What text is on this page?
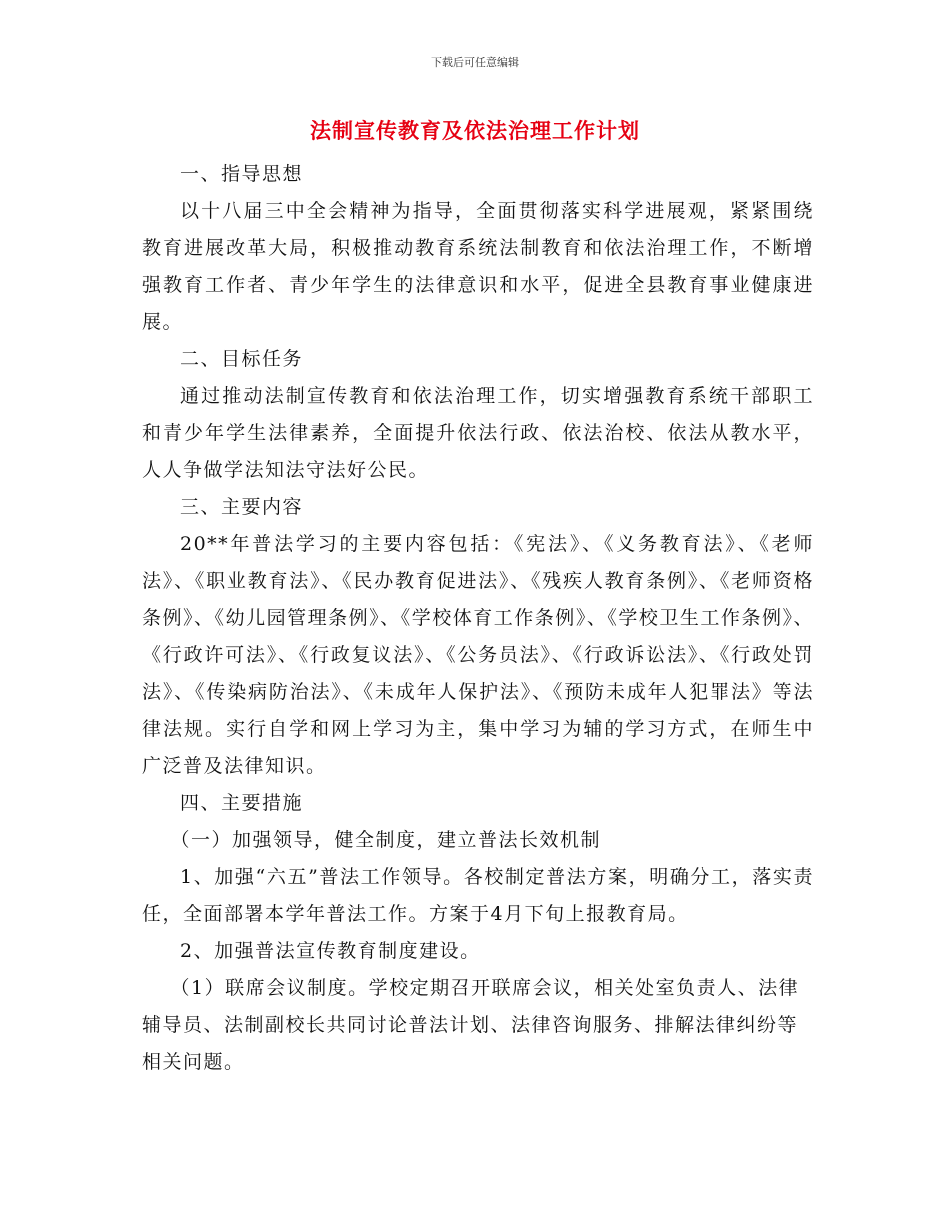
下载后可任意编辑
法制宣传教育及依法治理工作计划

一、指导思想

以十八届三中全会精神为指导，全面贯彻落实科学进展观，紧紧围绕教育进展改革大局，积极推动教育系统法制教育和依法治理工作，不断增强教育工作者、青少年学生的法律意识和水平，促进全县教育事业健康进展。

二、目标任务

通过推动法制宣传教育和依法治理工作，切实增强教育系统干部职工和青少年学生法律素养，全面提升依法行政、依法治校、依法从教水平，人人争做学法知法守法好公民。

三、主要内容

20**年普法学习的主要内容包括：《宪法》、《义务教育法》、《老师法》、《职业教育法》、《民办教育促进法》、《残疾人教育条例》、《老师资格条例》、《幼儿园管理条例》、《学校体育工作条例》、《学校卫生工作条例》、《行政许可法》、《行政复议法》、《公务员法》、《行政诉讼法》、《行政处罚法》、《传染病防治法》、《未成年人保护法》、《预防未成年人犯罪法》等法律法规。实行自学和网上学习为主，集中学习为辅的学习方式，在师生中广泛普及法律知识。

四、主要措施

（一）加强领导，健全制度，建立普法长效机制

1、加强“六五”普法工作领导。各校制定普法方案，明确分工，落实责任，全面部署本学年普法工作。方案于4月下旬上报教育局。

2、加强普法宣传教育制度建设。

（1）联席会议制度。学校定期召开联席会议，相关处室负责人、法律辅导员、法制副校长共同讨论普法计划、法律咨询服务、排解法律纠纷等相关问题。
